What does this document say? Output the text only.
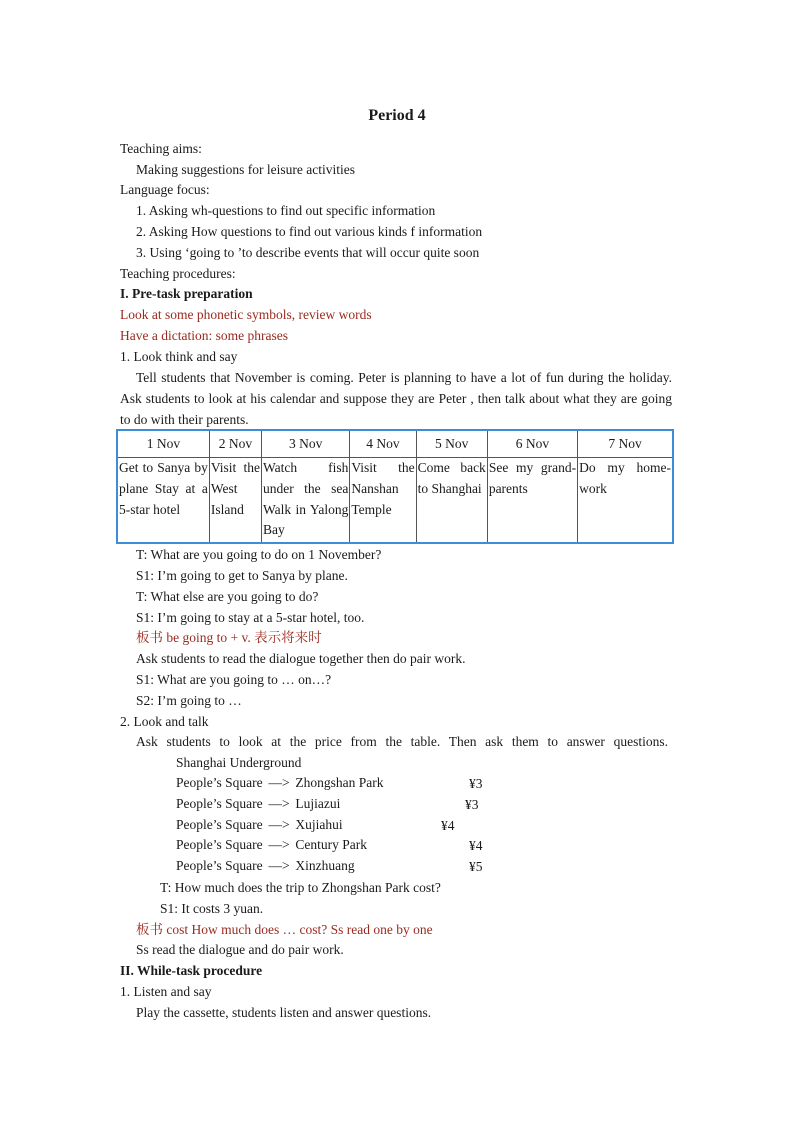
Period 4
Teaching aims:
Making suggestions for leisure activities
Language focus:
1. Asking wh-questions to find out specific information
2. Asking How questions to find out various kinds f information
3. Using ‘going to ’to describe events that will occur quite soon
Teaching procedures:
I. Pre-task preparation
Look at some phonetic symbols, review words
Have a dictation: some phrases
1. Look think and say
Tell students that November is coming. Peter is planning to have a lot of fun during the holiday. Ask students to look at his calendar and suppose they are Peter , then talk about what they are going to do with their parents.
1 Nov	2 Nov	3 Nov	4 Nov	5 Nov	6 Nov	7 Nov
Get to Sanya by plane Stay at a 5-star hotel	Visit the West Island	Watch fish under the sea Walk in Yalong Bay	Visit the Nanshan Temple	Come back to Shanghai	See my grand-parents	Do my home-work
T: What are you going to do on 1 November?
S1: I’m going to get to Sanya by plane.
T: What else are you going to do?
S1: I’m going to stay at a 5-star hotel, too.
板书 be going to + v. 表示将来时
Ask students to read the dialogue together then do pair work.
S1: What are you going to … on…?
S2: I’m going to …
2. Look and talk
Ask students to look at the price from the table. Then ask them to answer questions.
Shanghai Underground
People’s Square —> Zhongshan Park	¥3
People’s Square —> Lujiazui	¥3
People’s Square —> Xujiahui	¥4
People’s Square —> Century Park	¥4
People’s Square —> Xinzhuang	¥5
T: How much does the trip to Zhongshan Park cost?
S1: It costs 3 yuan.
板书 cost How much does … cost? Ss read one by one
Ss read the dialogue and do pair work.
II. While-task procedure
1. Listen and say
Play the cassette, students listen and answer questions.
